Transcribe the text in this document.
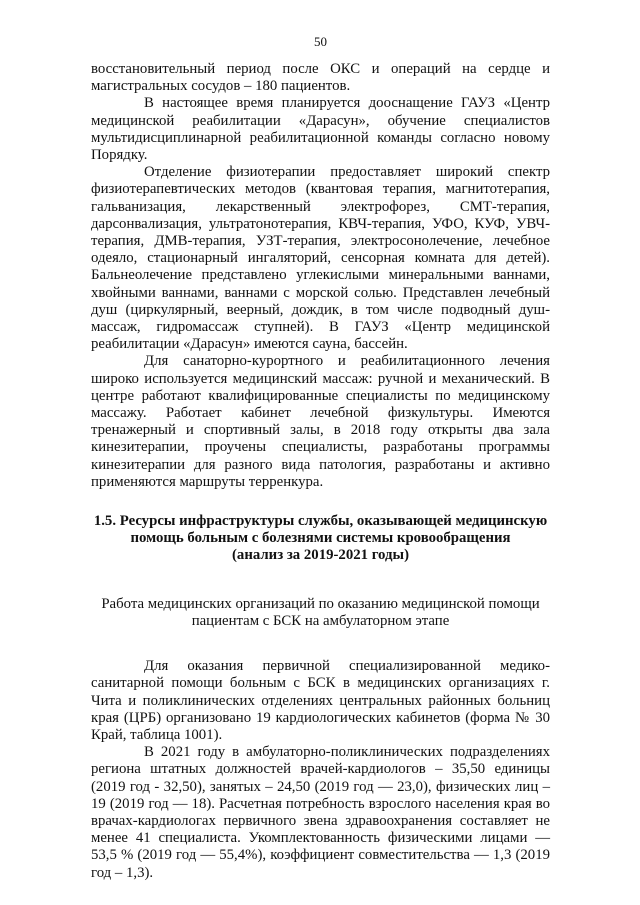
50

восстановительный период после ОКС и операций на сердце и магистральных сосудов – 180 пациентов.

В настоящее время планируется дооснащение ГАУЗ «Центр медицинской реабилитации «Дарасун», обучение специалистов мультидисциплинарной реабилитационной команды согласно новому Порядку.

Отделение физиотерапии предоставляет широкий спектр физиотерапевтических методов (квантовая терапия, магнитотерапия, гальванизация, лекарственный электрофорез, СМТ-терапия, дарсонвализация, ультратонотерапия, КВЧ-терапия, УФО, КУФ, УВЧ-терапия, ДМВ-терапия, УЗТ-терапия, электросонолечение, лечебное одеяло, стационарный ингаляторий, сенсорная комната для детей). Бальнеолечение представлено углекислыми минеральными ваннами, хвойными ваннами, ваннами с морской солью. Представлен лечебный душ (циркулярный, веерный, дождик, в том числе подводный душ-массаж, гидромассаж ступней). В ГАУЗ «Центр медицинской реабилитации «Дарасун» имеются сауна, бассейн.

Для санаторно-курортного и реабилитационного лечения широко используется медицинский массаж: ручной и механический. В центре работают квалифицированные специалисты по медицинскому массажу. Работает кабинет лечебной физкультуры. Имеются тренажерный и спортивный залы, в 2018 году открыты два зала кинезитерапии, проучены специалисты, разработаны программы кинезитерапии для разного вида патология, разработаны и активно применяются маршруты терренкура.

1.5. Ресурсы инфраструктуры службы, оказывающей медицинскую
помощь больным с болезнями системы кровообращения
(анализ за 2019-2021 годы)
Работа медицинских организаций по оказанию медицинской помощи
пациентам с БСК на амбулаторном этапе

Для оказания первичной специализированной медико-санитарной помощи больным с БСК в медицинских организациях г. Чита и поликлинических отделениях центральных районных больниц края (ЦРБ) организовано 19 кардиологических кабинетов (форма № 30 Край, таблица 1001).

В 2021 году в амбулаторно-поликлинических подразделениях региона штатных должностей врачей-кардиологов – 35,50 единицы (2019 год - 32,50), занятых – 24,50 (2019 год — 23,0), физических лиц – 19 (2019 год — 18). Расчетная потребность взрослого населения края во врачах-кардиологах первичного звена здравоохранения составляет не менее 41 специалиста. Укомплектованность физическими лицами — 53,5 % (2019 год — 55,4%), коэффициент совместительства — 1,3 (2019 год – 1,3).
